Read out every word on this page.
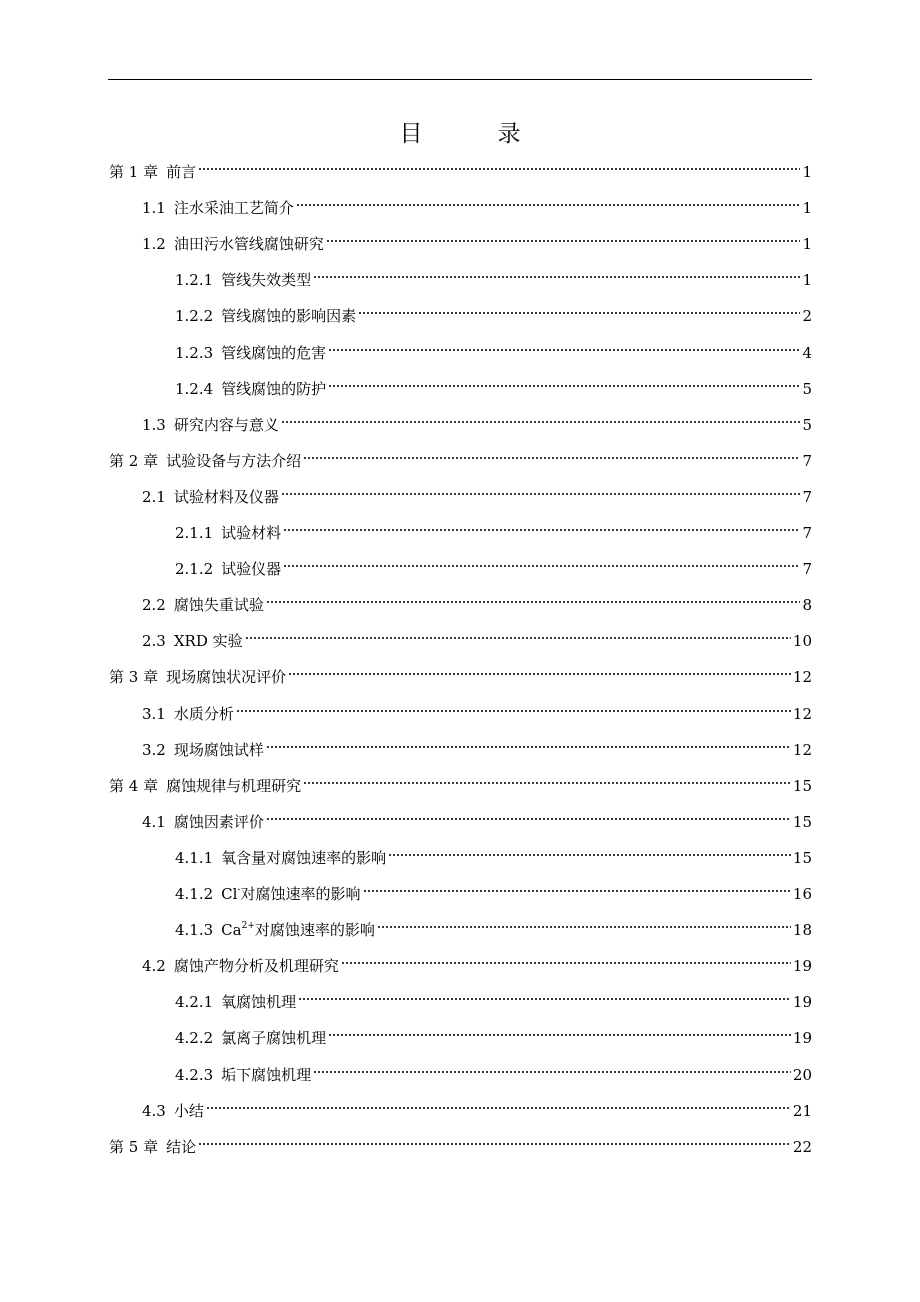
目　录
第 1 章 前言	1
1.1 注水采油工艺简介	1
1.2 油田污水管线腐蚀研究	1
1.2.1 管线失效类型	1
1.2.2 管线腐蚀的影响因素	2
1.2.3 管线腐蚀的危害	4
1.2.4 管线腐蚀的防护	5
1.3 研究内容与意义	5
第 2 章 试验设备与方法介绍	7
2.1 试验材料及仪器	7
2.1.1 试验材料	7
2.1.2 试验仪器	7
2.2 腐蚀失重试验	8
2.3 XRD 实验	10
第 3 章 现场腐蚀状况评价	12
3.1 水质分析	12
3.2 现场腐蚀试样	12
第 4 章 腐蚀规律与机理研究	15
4.1 腐蚀因素评价	15
4.1.1 氧含量对腐蚀速率的影响	15
4.1.2 Cl-对腐蚀速率的影响	16
4.1.3 $Ca^{2+}$对腐蚀速率的影响	18
4.2 腐蚀产物分析及机理研究	19
4.2.1 氧腐蚀机理	19
4.2.2 氯离子腐蚀机理	19
4.2.3 垢下腐蚀机理	20
4.3 小结	21
第 5 章 结论	22
